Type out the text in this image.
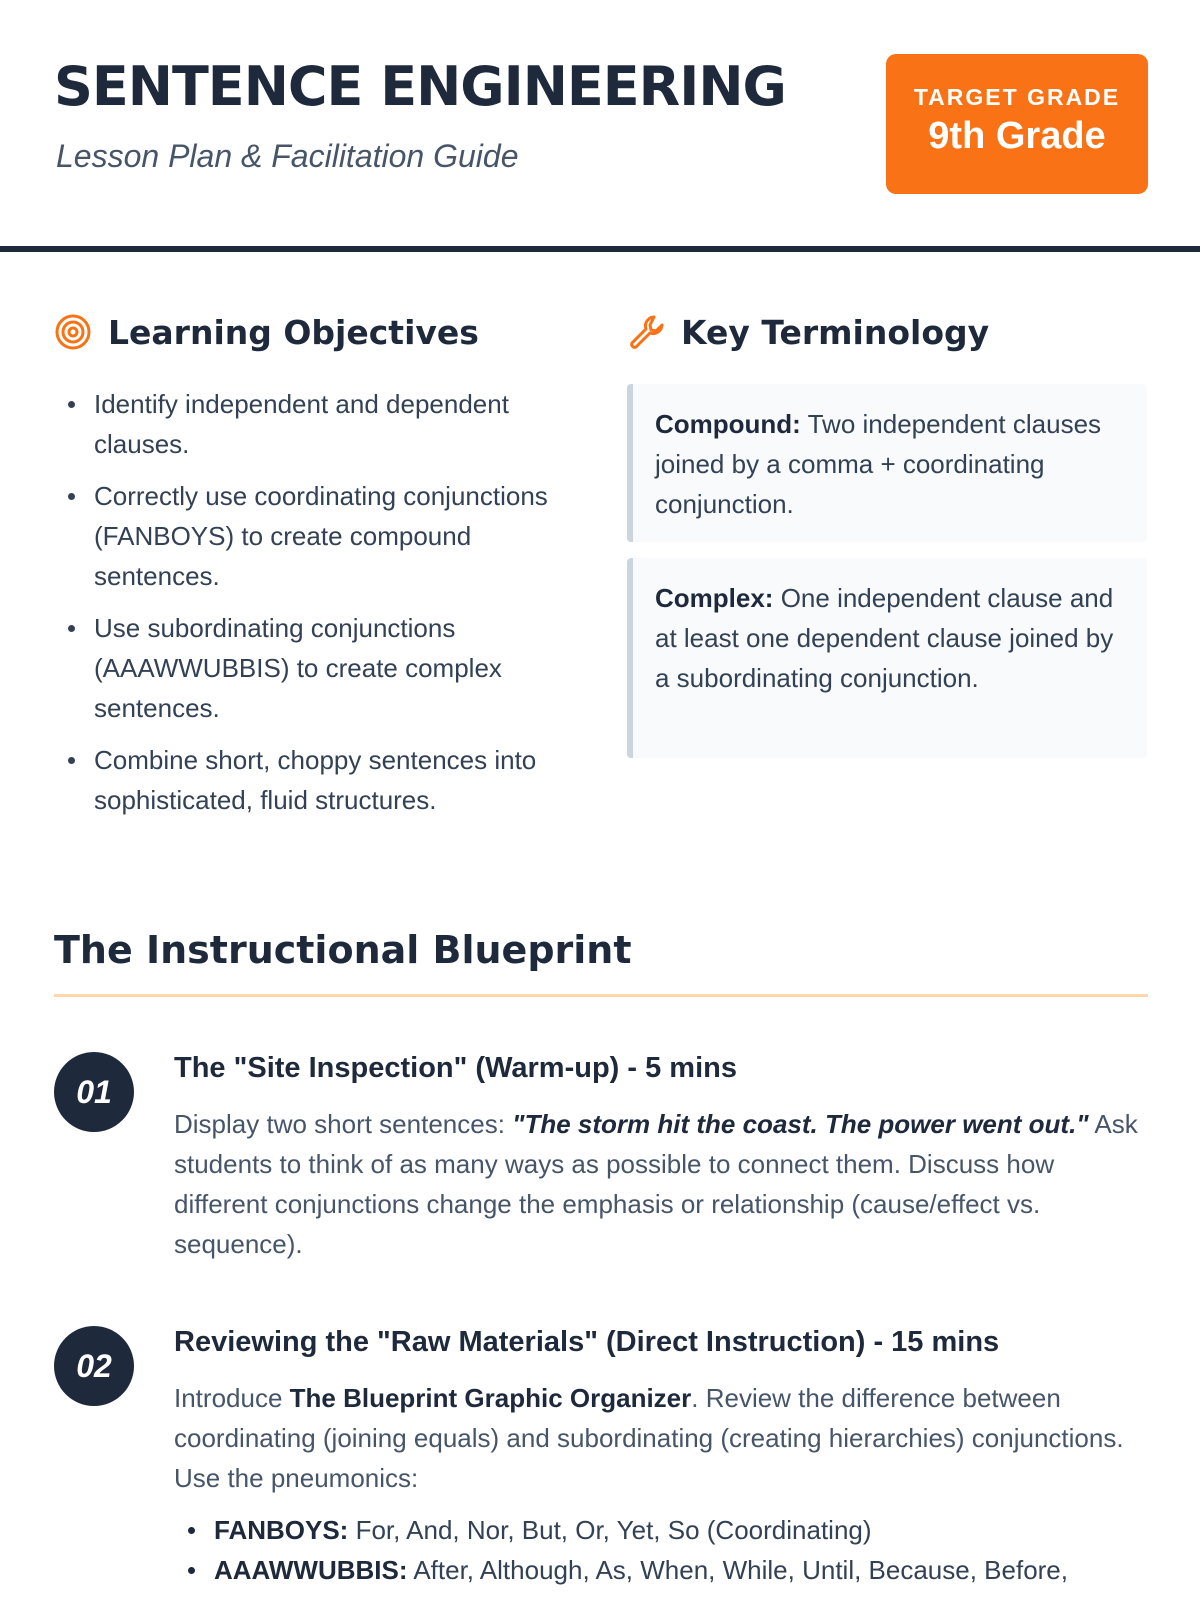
SENTENCE ENGINEERING
Lesson Plan & Facilitation Guide
TARGET GRADE
9th Grade
Learning Objectives
Identify independent and dependent clauses.
Correctly use coordinating conjunctions (FANBOYS) to create compound sentences.
Use subordinating conjunctions (AAAWWUBBIS) to create complex sentences.
Combine short, choppy sentences into sophisticated, fluid structures.
Key Terminology
Compound: Two independent clauses joined by a comma + coordinating conjunction.
Complex: One independent clause and at least one dependent clause joined by a subordinating conjunction.
The Instructional Blueprint
01
The "Site Inspection" (Warm-up) - 5 mins

Display two short sentences: "The storm hit the coast. The power went out." Ask students to think of as many ways as possible to connect them. Discuss how different conjunctions change the emphasis or relationship (cause/effect vs. sequence).

02
Reviewing the "Raw Materials" (Direct Instruction) - 15 mins

Introduce The Blueprint Graphic Organizer. Review the difference between coordinating (joining equals) and subordinating (creating hierarchies) conjunctions. Use the pneumonics:

FANBOYS: For, And, Nor, But, Or, Yet, So (Coordinating)
AAAWWUBBIS: After, Although, As, When, While, Until, Because, Before,
